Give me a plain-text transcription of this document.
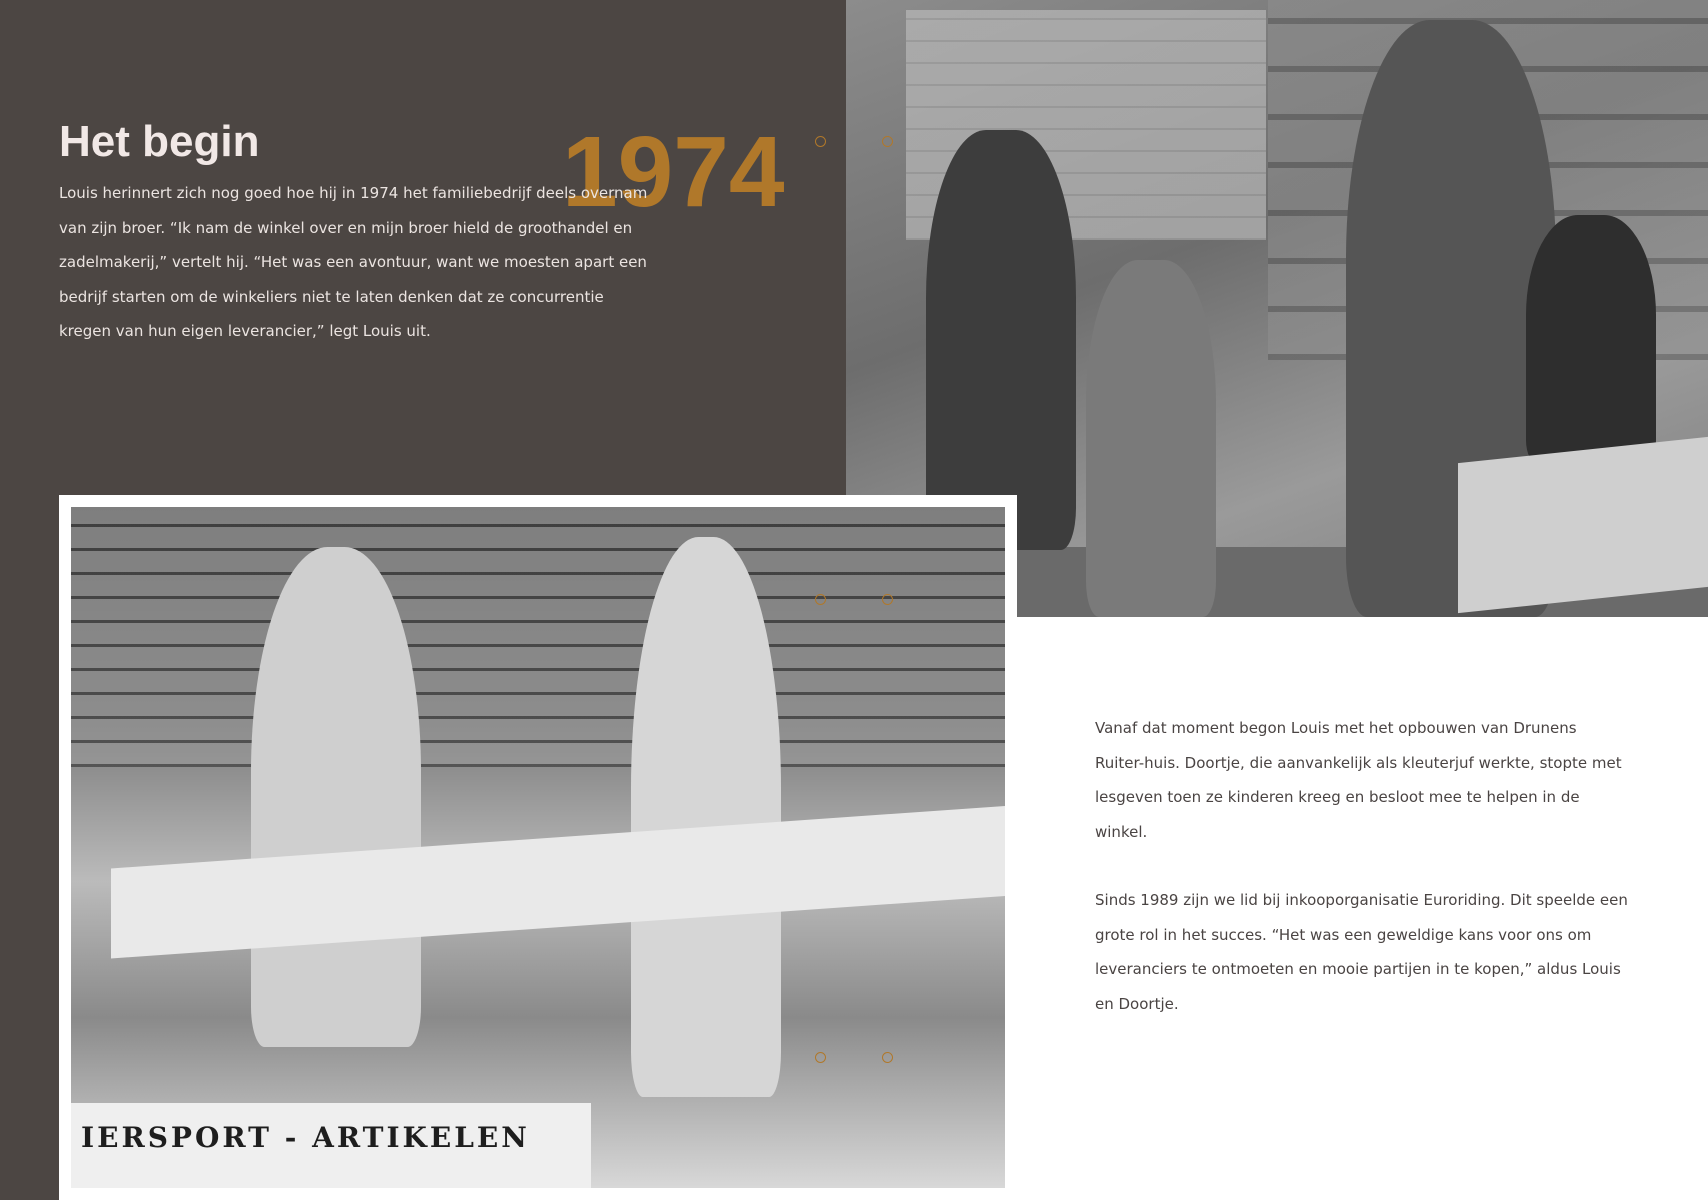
Het begin	1974

Louis herinnert zich nog goed hoe hij in 1974 het familiebedrijf deels overnam van zijn broer. “Ik nam de winkel over en mijn broer hield de groothandel en zadelmakerij,” vertelt hij. “Het was een avontuur, want we moesten apart een bedrijf starten om de winkeliers niet te laten denken dat ze concurrentie kregen van hun eigen leverancier,” legt Louis uit.

IERSPORT - ARTIKELEN

Vanaf dat moment begon Louis met het opbouwen van Drunens Ruiter-huis. Doortje, die aanvankelijk als kleuterjuf werkte, stopte met lesgeven toen ze kinderen kreeg en besloot mee te helpen in de winkel.

Sinds 1989 zijn we lid bij inkooporganisatie Euroriding. Dit speelde een grote rol in het succes. “Het was een geweldige kans voor ons om leveranciers te ontmoeten en mooie partijen in te kopen,” aldus Louis en Doortje.
